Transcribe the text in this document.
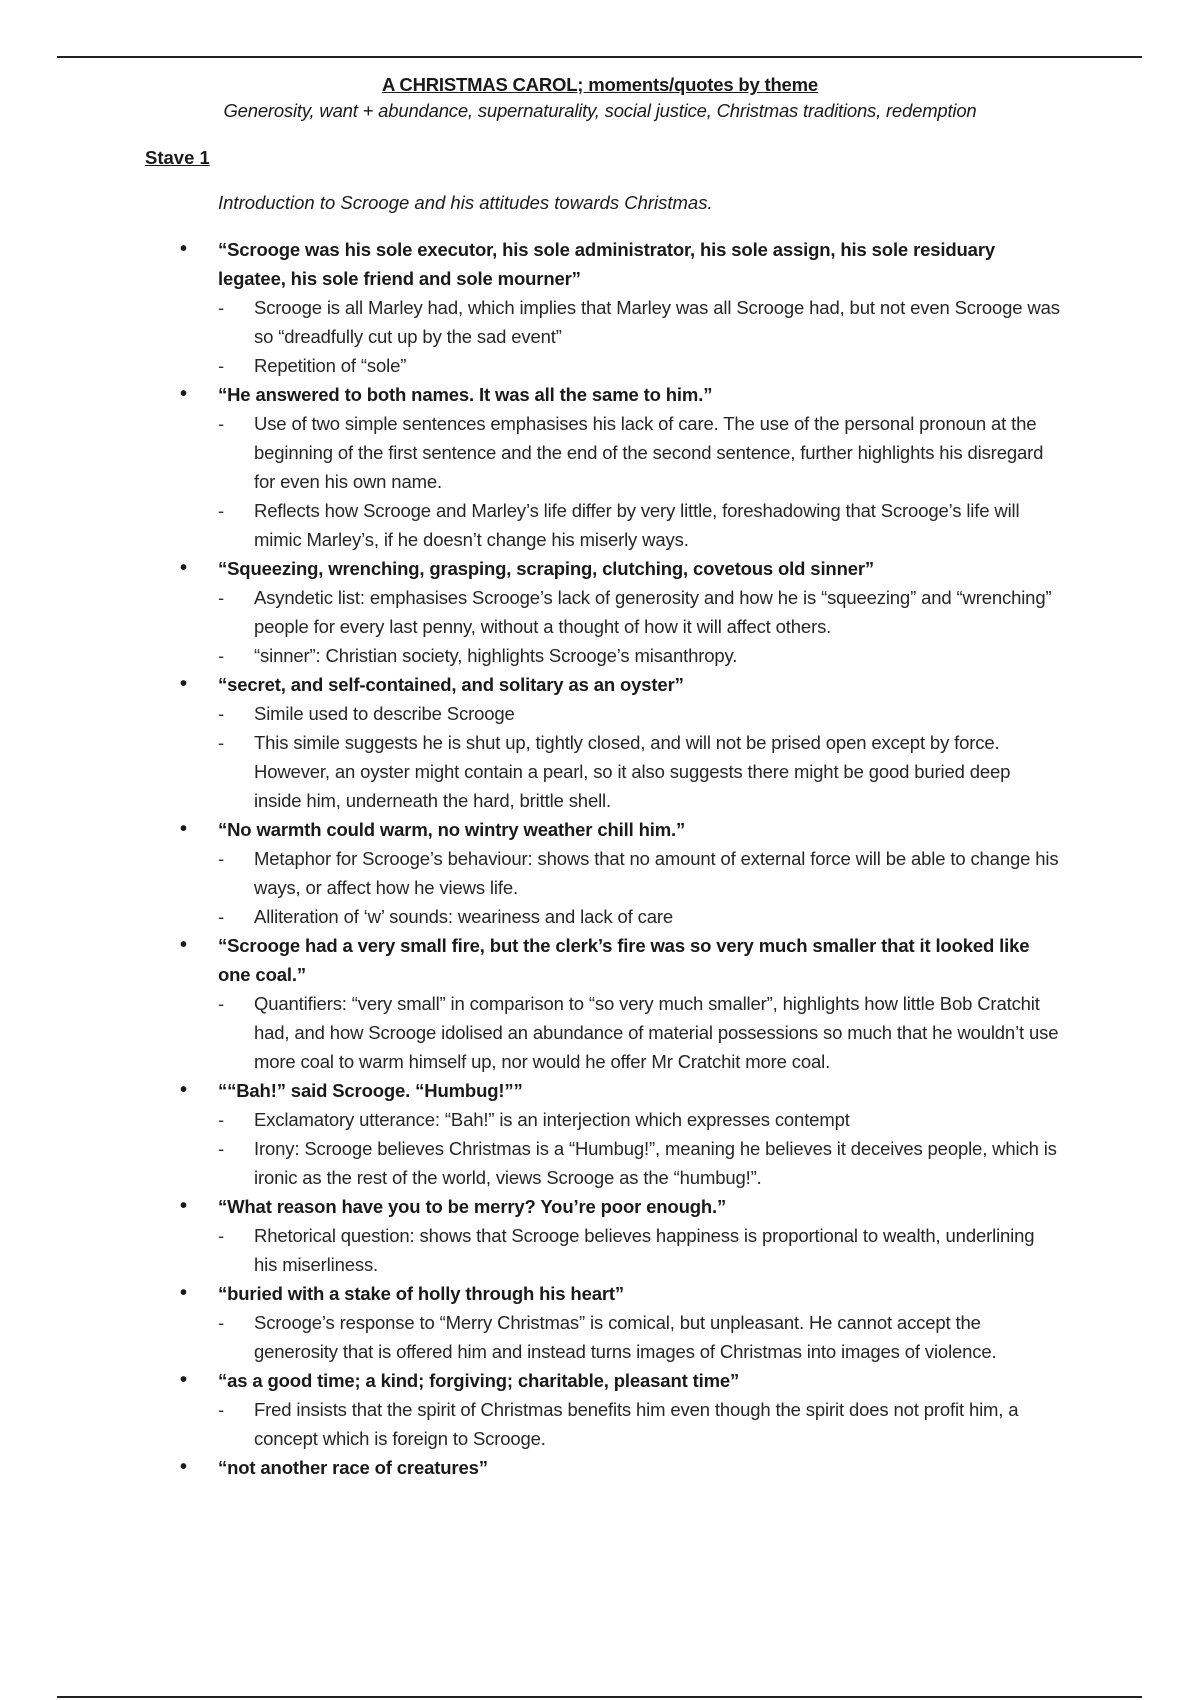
A CHRISTMAS CAROL; moments/quotes by theme
Generosity, want + abundance, supernaturality, social justice, Christmas traditions, redemption
Stave 1
Introduction to Scrooge and his attitudes towards Christmas.
•	“Scrooge was his sole executor, his sole administrator, his sole assign, his sole residuary legatee, his sole friend and sole mourner”
- Scrooge is all Marley had, which implies that Marley was all Scrooge had, but not even Scrooge was so “dreadfully cut up by the sad event”
- Repetition of “sole”
•	“He answered to both names. It was all the same to him.”
- Use of two simple sentences emphasises his lack of care. The use of the personal pronoun at the beginning of the first sentence and the end of the second sentence, further highlights his disregard for even his own name.
- Reflects how Scrooge and Marley’s life differ by very little, foreshadowing that Scrooge’s life will mimic Marley’s, if he doesn’t change his miserly ways.
•	“Squeezing, wrenching, grasping, scraping, clutching, covetous old sinner”
- Asyndetic list: emphasises Scrooge’s lack of generosity and how he is “squeezing” and “wrenching” people for every last penny, without a thought of how it will affect others.
- “sinner”: Christian society, highlights Scrooge’s misanthropy.
•	“secret, and self-contained, and solitary as an oyster”
- Simile used to describe Scrooge
- This simile suggests he is shut up, tightly closed, and will not be prised open except by force. However, an oyster might contain a pearl, so it also suggests there might be good buried deep inside him, underneath the hard, brittle shell.
•	“No warmth could warm, no wintry weather chill him.”
- Metaphor for Scrooge’s behaviour: shows that no amount of external force will be able to change his ways, or affect how he views life.
- Alliteration of ‘w’ sounds: weariness and lack of care
•	“Scrooge had a very small fire, but the clerk’s fire was so very much smaller that it looked like one coal.”
- Quantifiers: “very small” in comparison to “so very much smaller”, highlights how little Bob Cratchit had, and how Scrooge idolised an abundance of material possessions so much that he wouldn’t use more coal to warm himself up, nor would he offer Mr Cratchit more coal.
•	““Bah!” said Scrooge. “Humbug!””
- Exclamatory utterance: “Bah!” is an interjection which expresses contempt
- Irony: Scrooge believes Christmas is a “Humbug!”, meaning he believes it deceives people, which is ironic as the rest of the world, views Scrooge as the “humbug!”.
•	“What reason have you to be merry? You’re poor enough.”
- Rhetorical question: shows that Scrooge believes happiness is proportional to wealth, underlining his miserliness.
•	“buried with a stake of holly through his heart”
- Scrooge’s response to “Merry Christmas” is comical, but unpleasant. He cannot accept the generosity that is offered him and instead turns images of Christmas into images of violence.
•	“as a good time; a kind; forgiving; charitable, pleasant time”
- Fred insists that the spirit of Christmas benefits him even though the spirit does not profit him, a concept which is foreign to Scrooge.
•	“not another race of creatures”
